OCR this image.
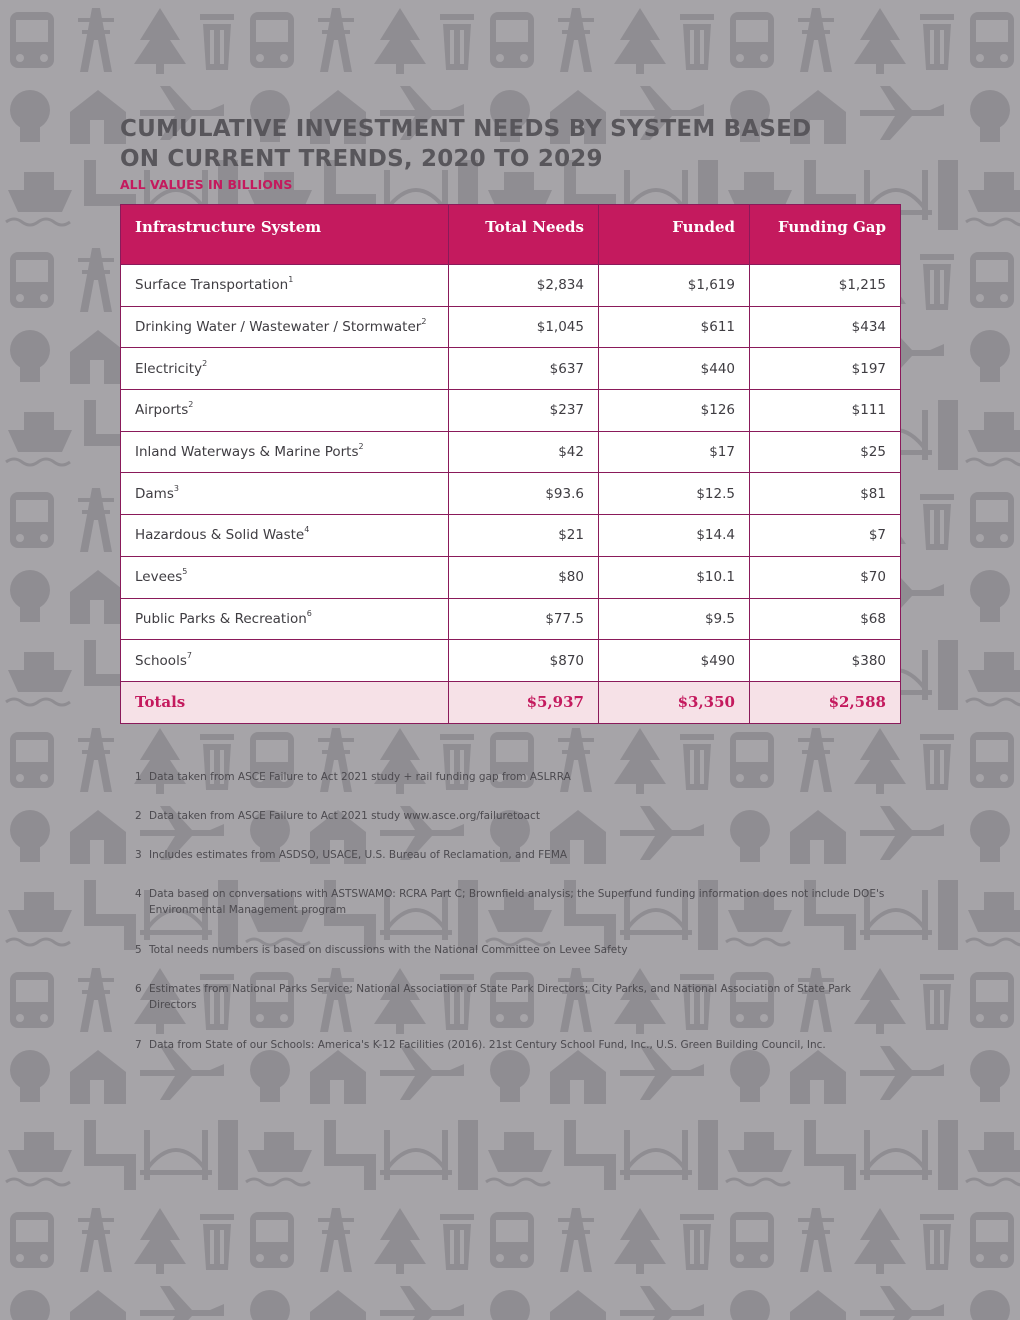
CUMULATIVE INVESTMENT NEEDS BY SYSTEM BASED ON CURRENT TRENDS, 2020 TO 2029

ALL VALUES IN BILLIONS

Infrastructure System	Total Needs	Funded	Funding Gap
Surface Transportation$^1$	$2,834	$1,619	$1,215
Drinking Water / Wastewater / Stormwater$^2$	$1,045	$611	$434
Electricity$^2$	$637	$440	$197
Airports$^2$	$237	$126	$111
Inland Waterways & Marine Ports$^2$	$42	$17	$25
Dams$^3$	$93.6	$12.5	$81
Hazardous & Solid Waste$^4$	$21	$14.4	$7
Levees$^5$	$80	$10.1	$70
Public Parks & Recreation$^6$	$77.5	$9.5	$68
Schools$^7$	$870	$490	$380
Totals	$5,937	$3,350	$2,588
1 Data taken from ASCE Failure to Act 2021 study + rail funding gap from ASLRRA
2 Data taken from ASCE Failure to Act 2021 study www.asce.org/failuretoact
3 Includes estimates from ASDSO, USACE, U.S. Bureau of Reclamation, and FEMA
4 Data based on conversations with ASTSWAMO: RCRA Part C; Brownfield analysis; the Superfund funding information does not include DOE's Environmental Management program
5 Total needs numbers is based on discussions with the National Committee on Levee Safety
6 Estimates from National Parks Service; National Association of State Park Directors; City Parks, and National Association of State Park Directors
7 Data from State of our Schools: America's K-12 Facilities (2016). 21st Century School Fund, Inc., U.S. Green Building Council, Inc.
